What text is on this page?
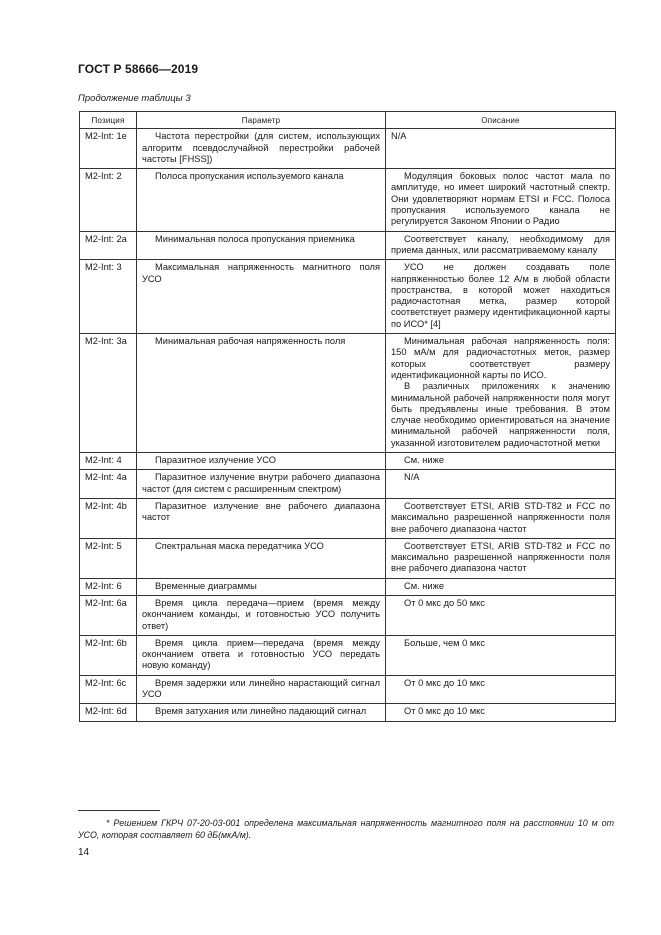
ГОСТ Р 58666—2019
Продолжение таблицы 3
Позиция	Параметр	Описание
M2-Int: 1e	Частота перестройки (для систем, использующих алгоритм псевдослучайной перестройки рабочей частоты [FHSS])	N/A

M2-Int: 2	Полоса пропускания используемого канала	Модуляция боковых полос частот мала по амплитуде, но имеет широкий частотный спектр. Они удовлетворяют нормам ETSI и FCC. Полоса пропускания используемого канала не регулируется Законом Японии о Радио

M2-Int: 2a	Минимальная полоса пропускания приемника	Соответствует каналу, необходимому для приема данных, или рассматриваемому каналу

M2-Int: 3	Максимальная напряженность магнитного поля УСО	УСО не должен создавать поле напряженностью более 12 А/м в любой области пространства, в которой может находиться радиочастотная метка, размер которой соответствует размеру идентификационной карты по ИСО* [4]

M2-Int: 3a	Минимальная рабочая напряженность поля	Минимальная рабочая напряженность поля: 150 мА/м для радиочастотных меток, размер которых соответствует размеру идентификационной карты по ИСО.
В различных приложениях к значению минимальной рабочей напряженности поля могут быть предъявлены иные требования. В этом случае необходимо ориентироваться на значение минимальной рабочей напряженности поля, указанной изготовителем радиочастотной метки

M2-Int: 4	Паразитное излучение УСО	См. ниже

M2-Int: 4a	Паразитное излучение внутри рабочего диапазона частот (для систем с расширенным спектром)	N/A

M2-Int: 4b	Паразитное излучение вне рабочего диапазона частот	Соответствует ETSI, ARIB STD-T82 и FCC по максимально разрешенной напряженности поля вне рабочего диапазона частот

M2-Int: 5	Спектральная маска передатчика УСО	Соответствует ETSI, ARIB STD-T82 и FCC по максимально разрешенной напряженности поля вне рабочего диапазона частот

M2-Int: 6	Временные диаграммы	См. ниже

M2-Int: 6a	Время цикла передача—прием (время между окончанием команды, и готовностью УСО получить ответ)	От 0 мкс до 50 мкс

M2-Int: 6b	Время цикла прием—передача (время между окончанием ответа и готовностью УСО передать новую команду)	Больше, чем 0 мкс

M2-Int: 6c	Время задержки или линейно нарастающий сигнал УСО	От 0 мкс до 10 мкс

M2-Int: 6d	Время затухания или линейно падающий сигнал	От 0 мкс до 10 мкс
* Решением ГКРЧ 07-20-03-001 определена максимальная напряженность магнитного поля на расстоянии 10 м от УСО, которая составляет 60 дБ(мкА/м).
14
